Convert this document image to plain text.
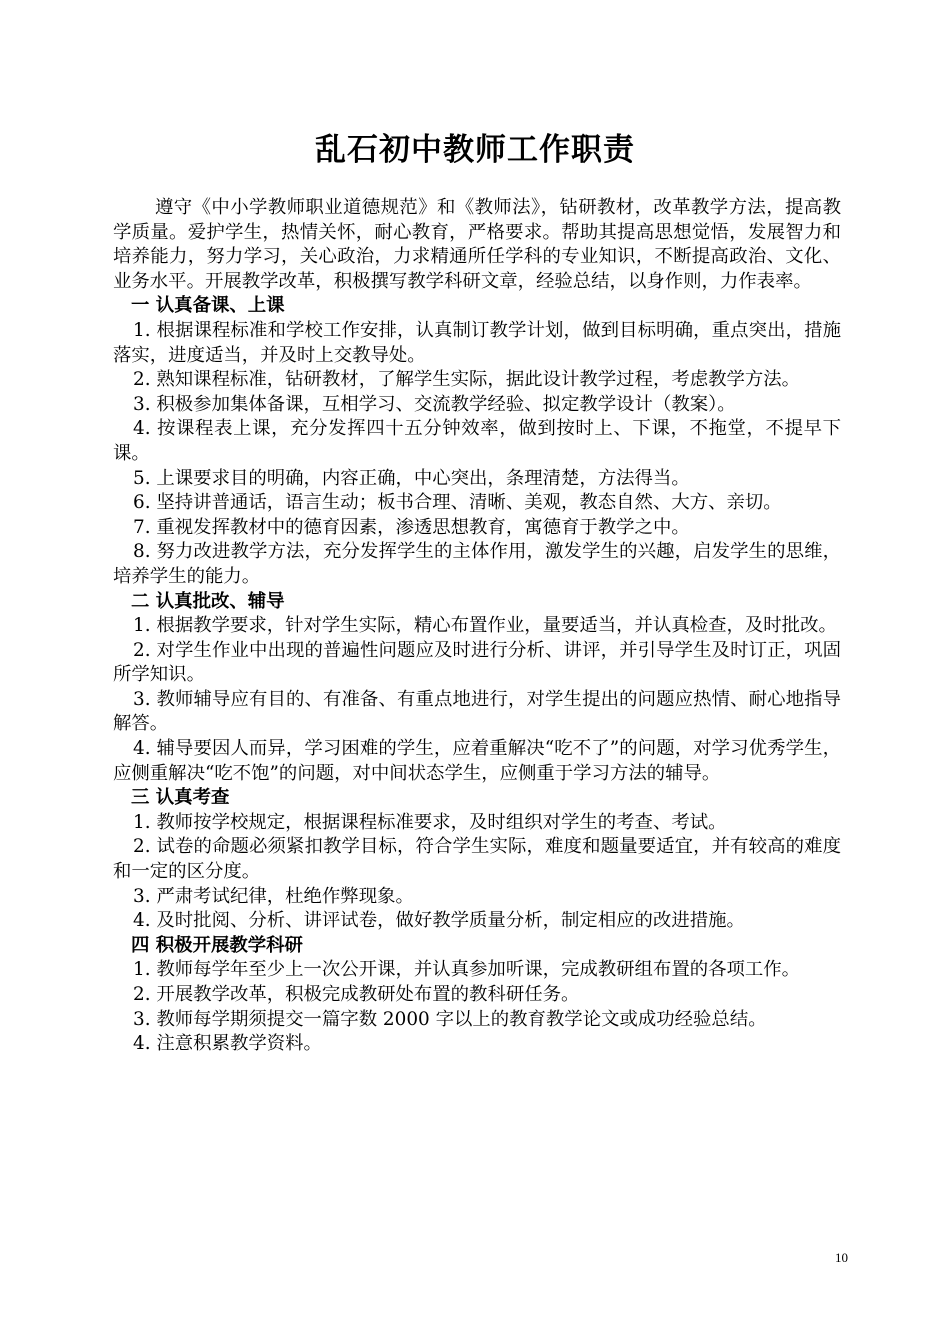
乱石初中教师工作职责

遵守《中小学教师职业道德规范》和《教师法》，钻研教材，改革教学方法，提高教学质量。爱护学生，热情关怀，耐心教育，严格要求。帮助其提高思想觉悟，发展智力和培养能力，努力学习，关心政治，力求精通所任学科的专业知识，不断提高政治、文化、业务水平。开展教学改革，积极撰写教学科研文章，经验总结，以身作则，力作表率。

一 认真备课、上课

1. 根据课程标准和学校工作安排，认真制订教学计划，做到目标明确，重点突出，措施落实，进度适当，并及时上交教导处。

2. 熟知课程标准，钻研教材，了解学生实际，据此设计教学过程，考虑教学方法。

3. 积极参加集体备课，互相学习、交流教学经验、拟定教学设计（教案）。

4. 按课程表上课，充分发挥四十五分钟效率，做到按时上、下课，不拖堂，不提早下课。

5. 上课要求目的明确，内容正确，中心突出，条理清楚，方法得当。

6. 坚持讲普通话，语言生动；板书合理、清晰、美观，教态自然、大方、亲切。

7. 重视发挥教材中的德育因素，渗透思想教育，寓德育于教学之中。

8. 努力改进教学方法，充分发挥学生的主体作用，激发学生的兴趣，启发学生的思维，培养学生的能力。

二 认真批改、辅导

1. 根据教学要求，针对学生实际，精心布置作业，量要适当，并认真检查，及时批改。

2. 对学生作业中出现的普遍性问题应及时进行分析、讲评，并引导学生及时订正，巩固所学知识。

3. 教师辅导应有目的、有准备、有重点地进行，对学生提出的问题应热情、耐心地指导解答。

4. 辅导要因人而异，学习困难的学生，应着重解决“吃不了”的问题，对学习优秀学生，应侧重解决“吃不饱”的问题，对中间状态学生，应侧重于学习方法的辅导。

三 认真考查

1. 教师按学校规定，根据课程标准要求，及时组织对学生的考查、考试。

2. 试卷的命题必须紧扣教学目标，符合学生实际，难度和题量要适宜，并有较高的难度和一定的区分度。

3. 严肃考试纪律，杜绝作弊现象。

4. 及时批阅、分析、讲评试卷，做好教学质量分析，制定相应的改进措施。

四 积极开展教学科研

1. 教师每学年至少上一次公开课，并认真参加听课，完成教研组布置的各项工作。

2. 开展教学改革，积极完成教研处布置的教科研任务。

3. 教师每学期须提交一篇字数 2000 字以上的教育教学论文或成功经验总结。

4. 注意积累教学资料。

10
